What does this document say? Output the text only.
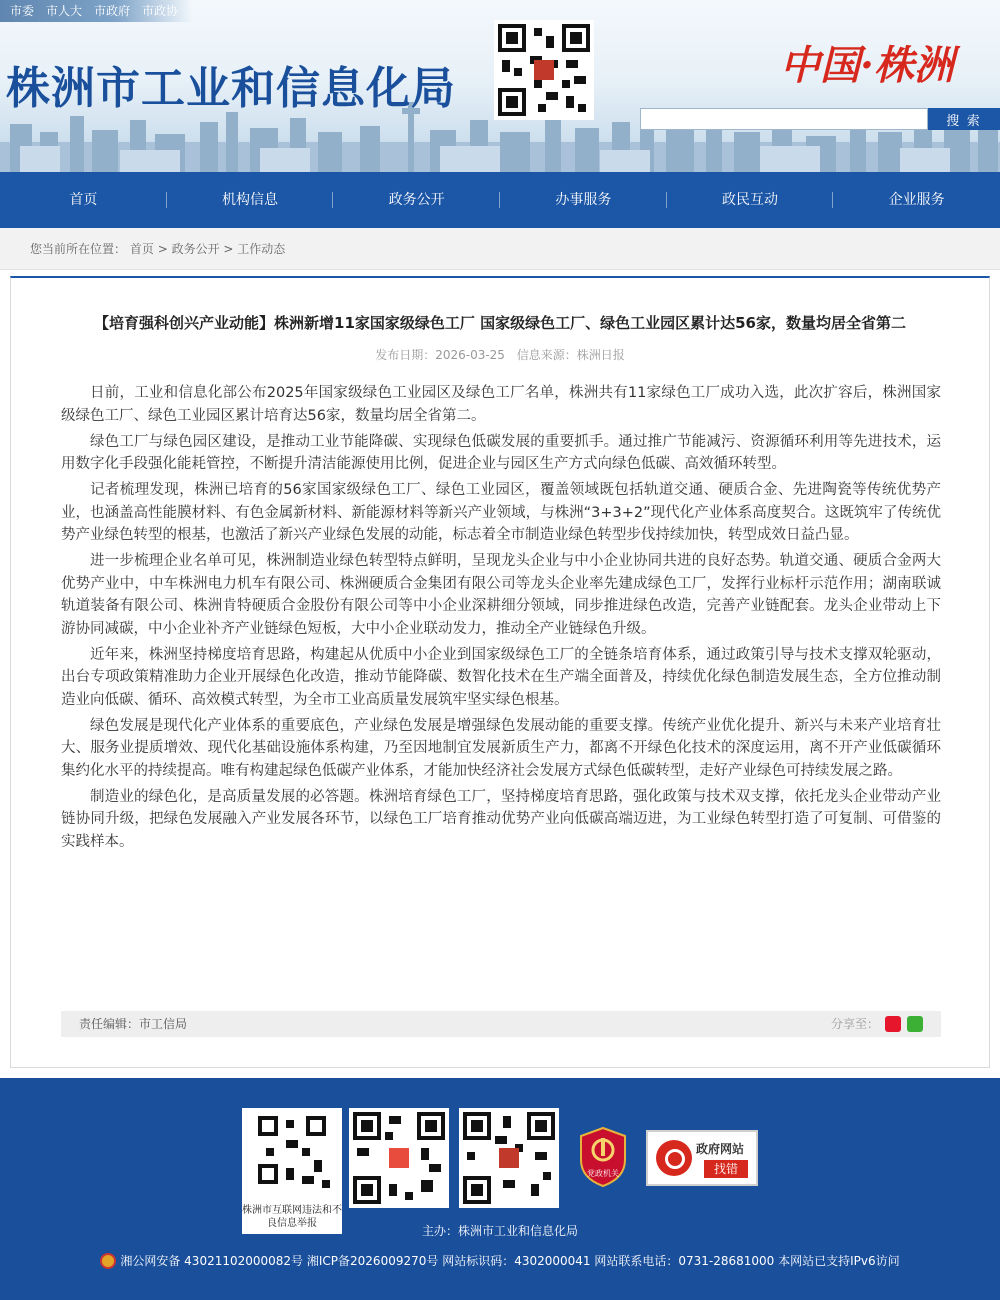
市委	市人大	市政府	市政协
株洲市工业和信息化局	中国·株洲
搜 索
首页	机构信息	政务公开	办事服务	政民互动	企业服务
您当前所在位置： 首页 > 政务公开 > 工作动态
【培育强科创兴产业动能】株洲新增11家国家级绿色工厂 国家级绿色工厂、绿色工业园区累计达56家，数量均居全省第二
发布日期：2026-03-25 信息来源：株洲日报

日前，工业和信息化部公布2025年国家级绿色工业园区及绿色工厂名单，株洲共有11家绿色工厂成功入选，此次扩容后，株洲国家级绿色工厂、绿色工业园区累计培育达56家，数量均居全省第二。

绿色工厂与绿色园区建设，是推动工业节能降碳、实现绿色低碳发展的重要抓手。通过推广节能减污、资源循环利用等先进技术，运用数字化手段强化能耗管控，不断提升清洁能源使用比例，促进企业与园区生产方式向绿色低碳、高效循环转型。

记者梳理发现，株洲已培育的56家国家级绿色工厂、绿色工业园区，覆盖领域既包括轨道交通、硬质合金、先进陶瓷等传统优势产业，也涵盖高性能膜材料、有色金属新材料、新能源材料等新兴产业领域，与株洲“3+3+2”现代化产业体系高度契合。这既筑牢了传统优势产业绿色转型的根基，也激活了新兴产业绿色发展的动能，标志着全市制造业绿色转型步伐持续加快，转型成效日益凸显。

进一步梳理企业名单可见，株洲制造业绿色转型特点鲜明，呈现龙头企业与中小企业协同共进的良好态势。轨道交通、硬质合金两大优势产业中，中车株洲电力机车有限公司、株洲硬质合金集团有限公司等龙头企业率先建成绿色工厂，发挥行业标杆示范作用；湖南联诚轨道装备有限公司、株洲肯特硬质合金股份有限公司等中小企业深耕细分领域，同步推进绿色改造，完善产业链配套。龙头企业带动上下游协同减碳，中小企业补齐产业链绿色短板，大中小企业联动发力，推动全产业链绿色升级。

近年来，株洲坚持梯度培育思路，构建起从优质中小企业到国家级绿色工厂的全链条培育体系，通过政策引导与技术支撑双轮驱动，出台专项政策精准助力企业开展绿色化改造，推动节能降碳、数智化技术在生产端全面普及，持续优化绿色制造发展生态，全方位推动制造业向低碳、循环、高效模式转型，为全市工业高质量发展筑牢坚实绿色根基。

绿色发展是现代化产业体系的重要底色，产业绿色发展是增强绿色发展动能的重要支撑。传统产业优化提升、新兴与未来产业培育壮大、服务业提质增效、现代化基础设施体系构建，乃至因地制宜发展新质生产力，都离不开绿色化技术的深度运用，离不开产业低碳循环集约化水平的持续提高。唯有构建起绿色低碳产业体系，才能加快经济社会发展方式绿色低碳转型，走好产业绿色可持续发展之路。

制造业的绿色化，是高质量发展的必答题。株洲培育绿色工厂，坚持梯度培育思路，强化政策与技术双支撑，依托龙头企业带动产业链协同升级，把绿色发展融入产业发展各环节，以绿色工厂培育推动优势产业向低碳高端迈进，为工业绿色转型打造了可复制、可借鉴的实践样本。

责任编辑：市工信局	分享至：
株洲市互联网违法和不良信息举报
党政机关
政府网站
找错
主办：株洲市工业和信息化局
湘公网安备 43021102000082号 湘ICP备2026009270号 网站标识码：4302000041 网站联系电话：0731-28681000 本网站已支持IPv6访问
